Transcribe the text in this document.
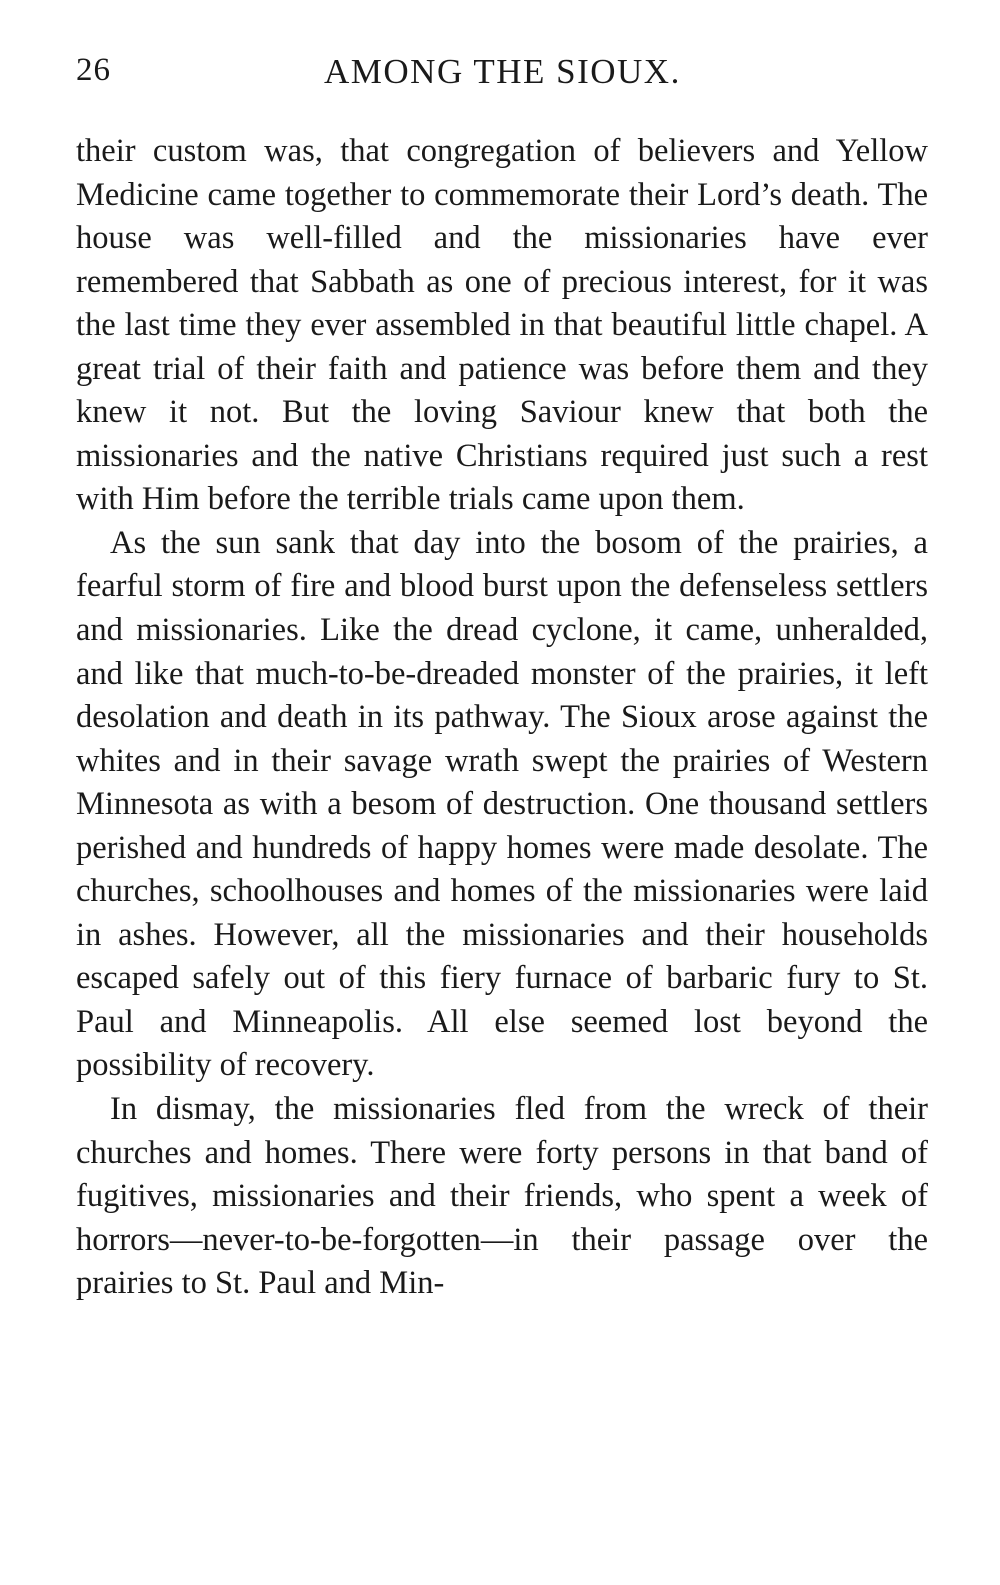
26	AMONG THE SIOUX.

their custom was, that congregation of believers and Yellow Medicine came together to commemorate their Lord’s death. The house was well-filled and the missionaries have ever remembered that Sabbath as one of precious interest, for it was the last time they ever assembled in that beautiful little chapel. A great trial of their faith and patience was before them and they knew it not. But the loving Saviour knew that both the missionaries and the native Christians required just such a rest with Him before the terrible trials came upon them.

As the sun sank that day into the bosom of the prairies, a fearful storm of fire and blood burst upon the defenseless settlers and missionaries. Like the dread cyclone, it came, unheralded, and like that much-to-be-dreaded monster of the prairies, it left desolation and death in its pathway. The Sioux arose against the whites and in their savage wrath swept the prairies of Western Minnesota as with a besom of destruction. One thousand settlers perished and hundreds of happy homes were made desolate. The churches, schoolhouses and homes of the missionaries were laid in ashes. However, all the missionaries and their households escaped safely out of this fiery furnace of barbaric fury to St. Paul and Minneapolis. All else seemed lost beyond the possibility of recovery.

In dismay, the missionaries fled from the wreck of their churches and homes. There were forty persons in that band of fugitives, missionaries and their friends, who spent a week of horrors—never-to-be-forgotten—in their passage over the prairies to St. Paul and Min-
